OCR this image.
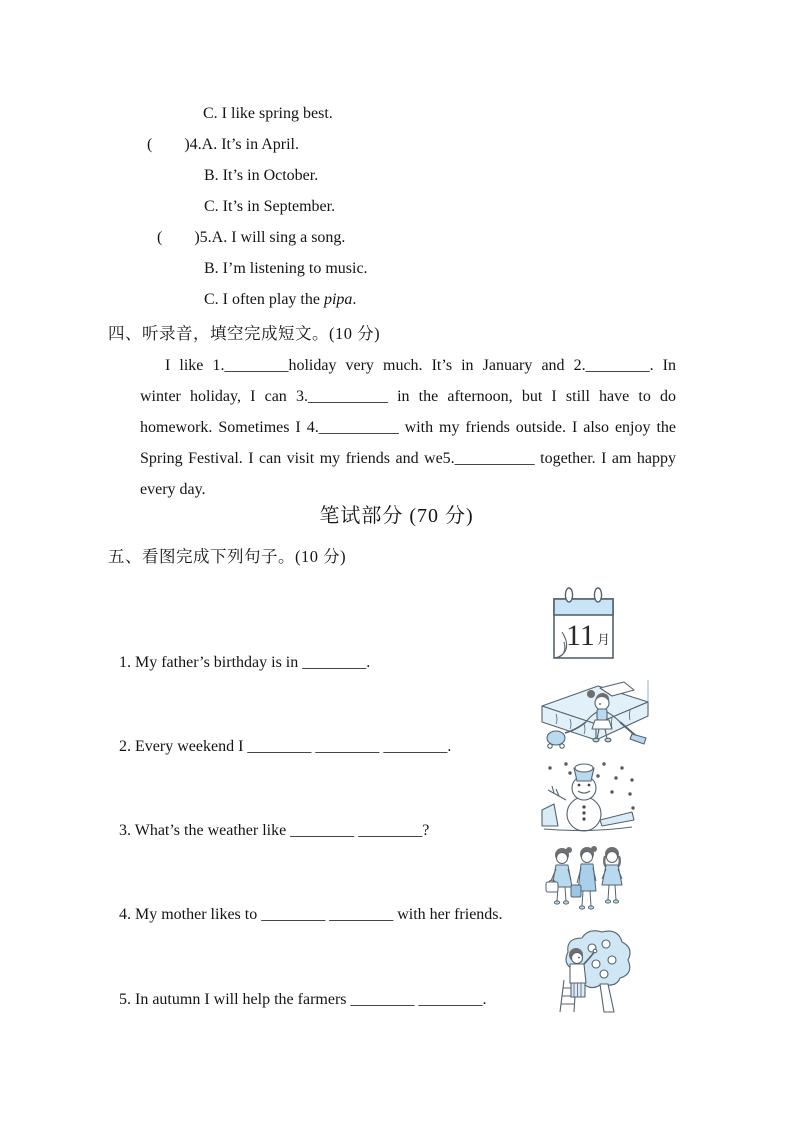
C. I like spring best.
(        )4.A. It’s in April.
B. It’s in October.
C. It’s in September.
(        )5.A. I will sing a song.
B. I’m listening to music.
C. I often play the pipa.
四、听录音，填空完成短文。(10 分)
I like 1.________holiday very much. It’s in January and 2.________. In
winter holiday, I can 3.__________ in the afternoon, but I still have to do
homework. Sometimes I 4.__________ with my friends outside. I also enjoy the
Spring Festival. I can visit my friends and we5.__________ together. I am happy
every day.
笔试部分 (70 分)
五、看图完成下列句子。(10 分)
1. My father’s birthday is in ________.
2. Every weekend I ________ ________ ________.
3. What’s the weather like ________ ________?
4. My mother likes to ________ ________ with her friends.
5. In autumn I will help the farmers ________ ________.
11 月
